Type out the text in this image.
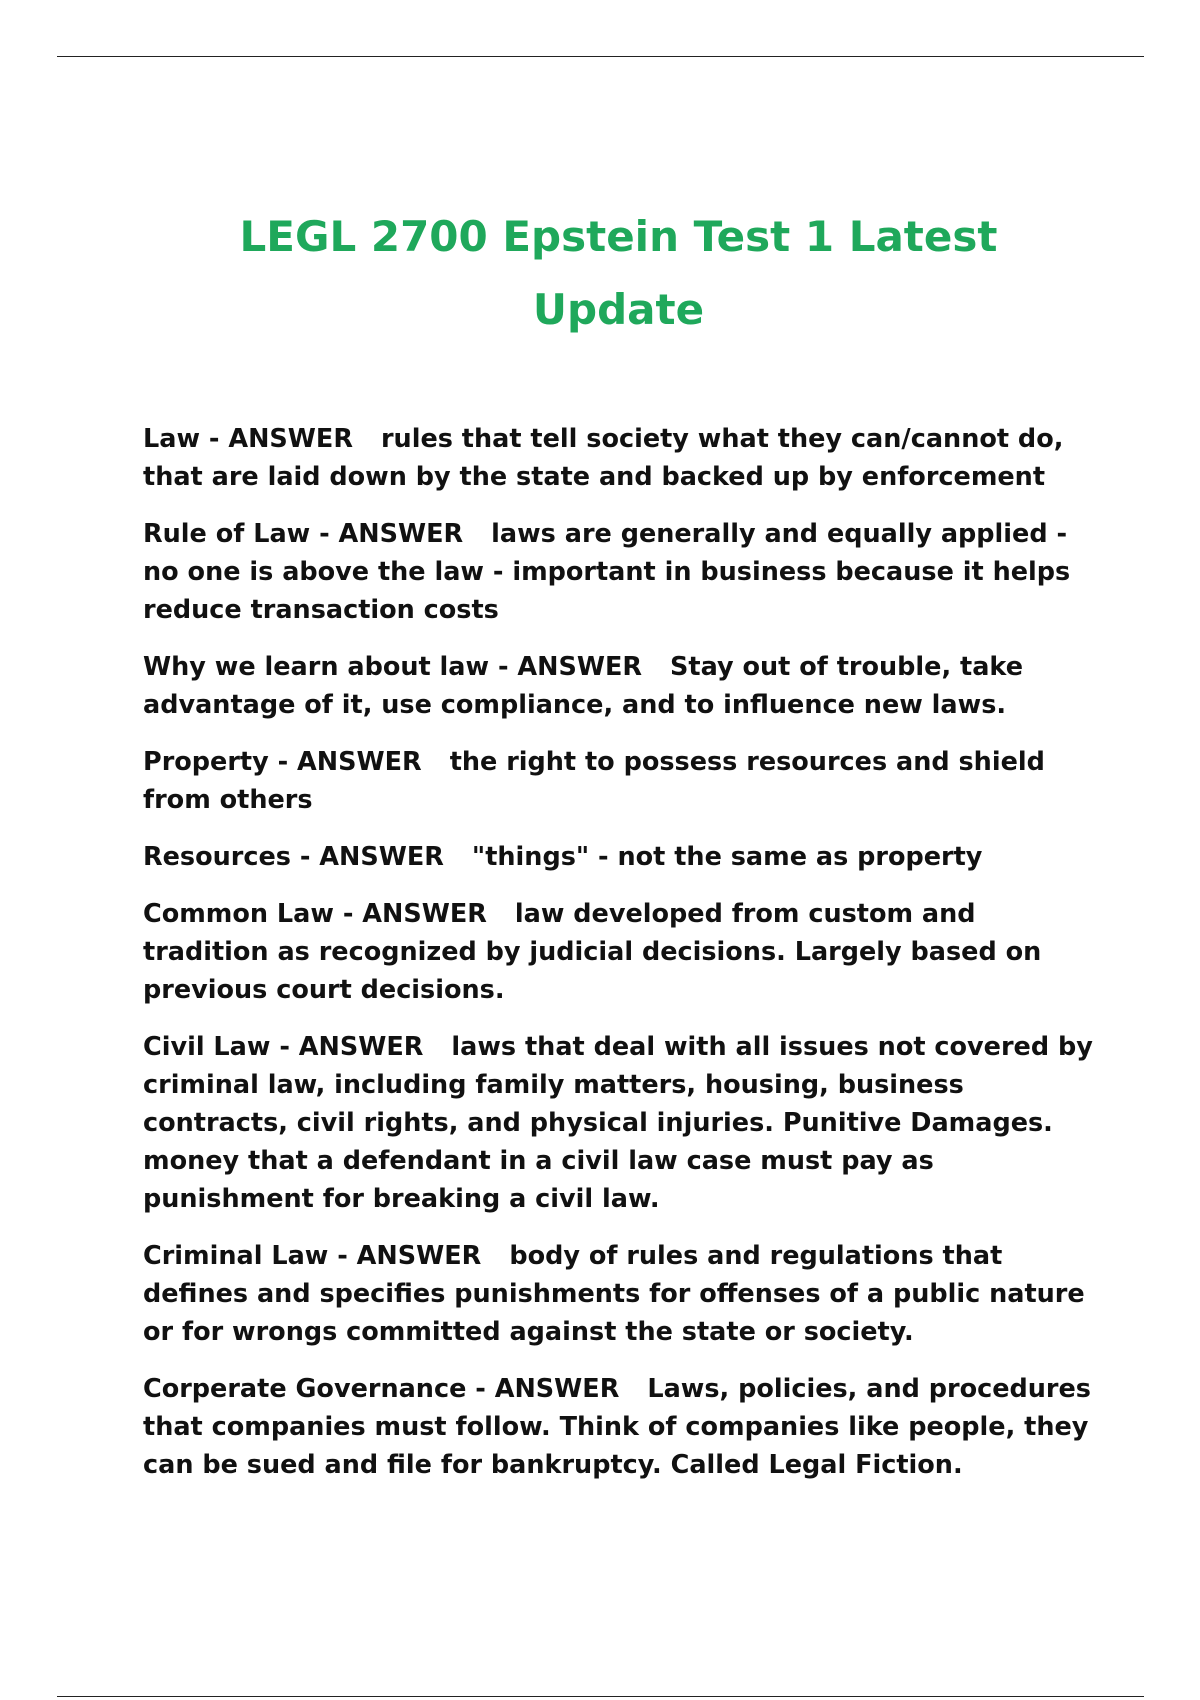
LEGL 2700 Epstein Test 1 Latest Update

Law - ANSWER rules that tell society what they can/cannot do, that are laid down by the state and backed up by enforcement

Rule of Law - ANSWER laws are generally and equally applied - no one is above the law - important in business because it helps reduce transaction costs

Why we learn about law - ANSWER Stay out of trouble, take advantage of it, use compliance, and to influence new laws.

Property - ANSWER the right to possess resources and shield from others

Resources - ANSWER "things" - not the same as property

Common Law - ANSWER law developed from custom and tradition as recognized by judicial decisions. Largely based on previous court decisions.

Civil Law - ANSWER laws that deal with all issues not covered by criminal law, including family matters, housing, business contracts, civil rights, and physical injuries. Punitive Damages. money that a defendant in a civil law case must pay as punishment for breaking a civil law.

Criminal Law - ANSWER body of rules and regulations that defines and specifies punishments for offenses of a public nature or for wrongs committed against the state or society.

Corperate Governance - ANSWER Laws, policies, and procedures that companies must follow. Think of companies like people, they can be sued and file for bankruptcy. Called Legal Fiction.
